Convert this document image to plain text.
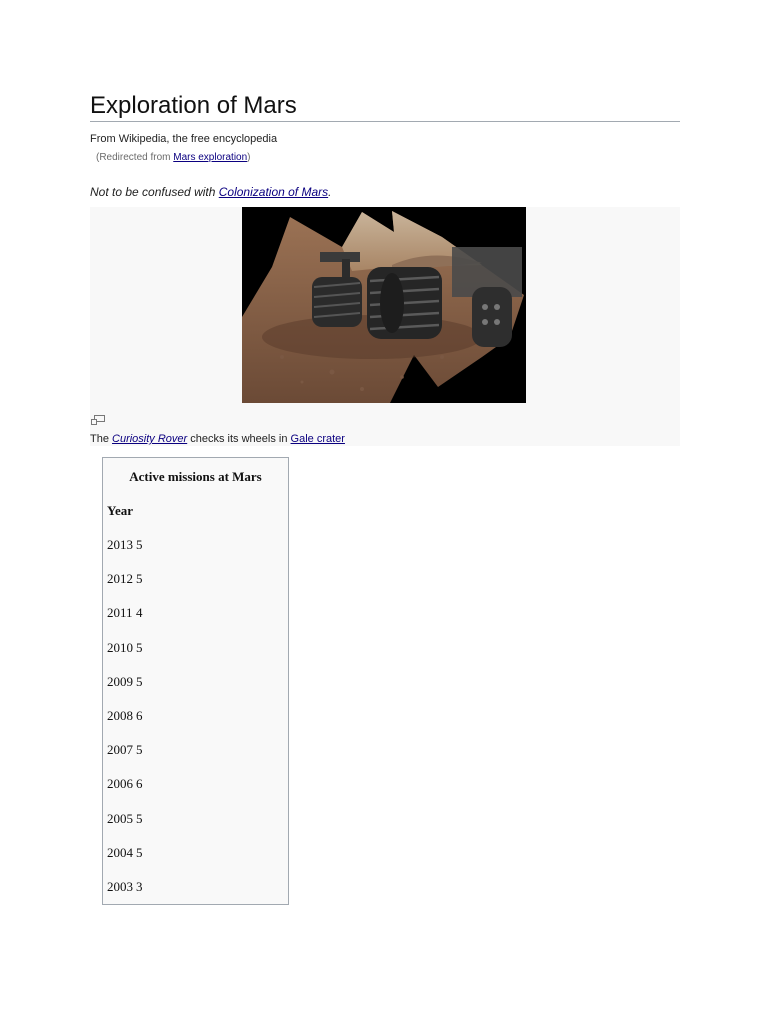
Exploration of Mars
From Wikipedia, the free encyclopedia
(Redirected from Mars exploration)
Not to be confused with Colonization of Mars.
The Curiosity Rover checks its wheels in Gale crater
Active missions at Mars
Year
2013 5
2012 5
2011 4
2010 5
2009 5
2008 6
2007 5
2006 6
2005 5
2004 5
2003 3
